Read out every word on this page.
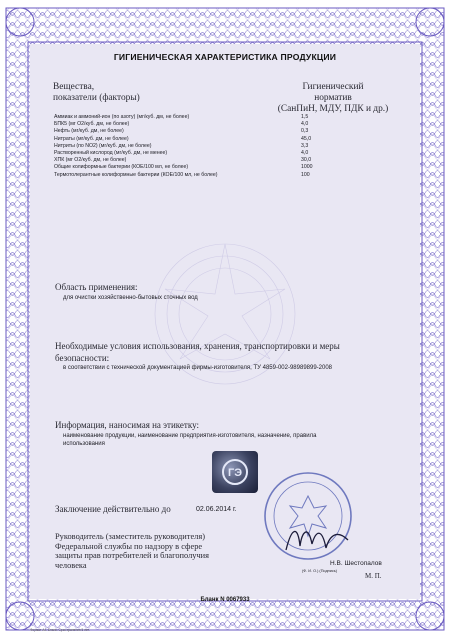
ГИГИЕНИЧЕСКАЯ ХАРАКТЕРИСТИКА ПРОДУКЦИИ
Вещества,
показатели (факторы)
Гигиенический
норматив
(СанПиН, МДУ, ПДК и др.)
Аммиак и аммоний-ион (по азоту) (мг/куб. дм, не более)	1,5
БПК5 (мг О2/куб. дм, не более)	4,0
Нефть (мг/куб. дм, не более)	0,3
Нитраты (мг/куб. дм, не более)	45,0
Нитриты (по NO2) (мг/куб. дм, не более)	3,3
Растворенный кислород (мг/куб. дм, не менее)	4,0
ХПК (мг О2/куб. дм, не более)	30,0
Общие колиформные бактерии (КОЕ/100 мл, не более)	1000
Термотолерантные колиформные бактерии (КОЕ/100 мл, не более)	100
Область применения:
для очистки хозяйственно-бытовых сточных вод
Необходимые условия использования, хранения, транспортировки и меры
безопасности:
в соответствии с технической документацией фирмы-изготовителя, ТУ 4859-002-98989899-2008
Информация, наносимая на этикетку:
наименование продукции, наименование предприятия-изготовителя, назначение, правила
использования
ГЭ
Заключение действительно до	02.06.2014 г.
Руководитель (заместитель руководителя)
Федеральной службы по надзору в сфере
защиты прав потребителей и благополучия
человека	Н.В. Шестопалов
(Ф. И. О.) (Подпись)
М. П.
Бланк N 0067933
Формат А4. Бланк. Срок хранения 5 лет.
